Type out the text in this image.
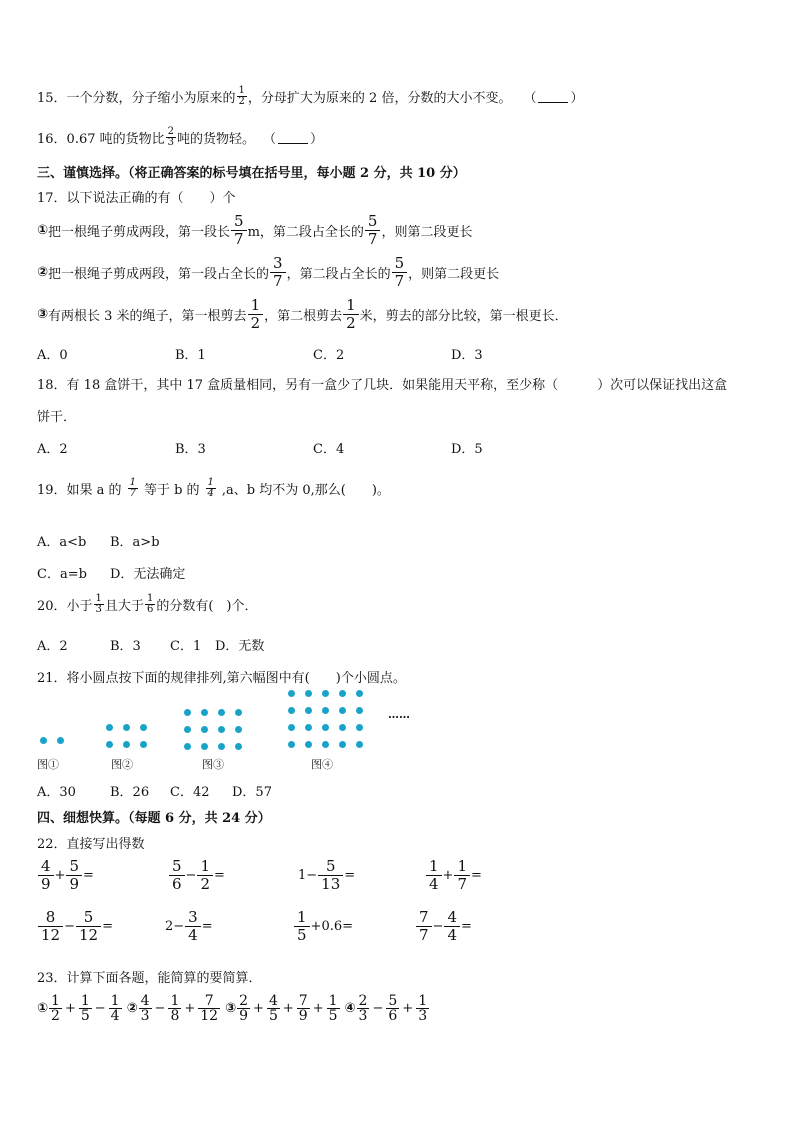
15．一个分数，分子缩小为原来的 $\frac{1}{2}$ ，分母扩大为原来的 2 倍，分数的大小不变。 （	）
16．0.67 吨的货物比 $\frac{2}{3}$ 吨的货物轻。 （	）
三、谨慎选择。（将正确答案的标号填在括号里，每小题 2 分，共 10 分）
17．以下说法正确的有（　　）个
① 把一根绳子剪成两段，第一段长 $\frac{5}{7}$ m，第二段占全长的 $\frac{5}{7}$ ，则第二段更长
② 把一根绳子剪成两段，第一段占全长的 $\frac{3}{7}$ ，第二段占全长的 $\frac{5}{7}$ ，则第二段更长
③ 有两根长 3 米的绳子，第一根剪去 $\frac{1}{2}$ ，第二根剪去 $\frac{1}{2}$ 米，剪去的部分比较，第一根更长．
A．0	B．1	C．2	D．3
18．有 18 盒饼干，其中 17 盒质量相同，另有一盒少了几块．如果能用天平称，至少称（　　　）次可以保证找出这盒
饼干．
A．2	B．3	C．4	D．5
19．如果 a 的 $\frac{1}{7}$ 等于 b 的 $\frac{1}{4} ,a$、b 均不为 0,那么(　　)。
A．a<b B．a>b
C．a=b D．无法确定
20．小于 $\frac{1}{3}$ 且大于 $\frac{1}{6}$ 的分数有(　)个．
A．2	B．3 C．1 D．无数
21．将小圆点按下面的规律排列,第六幅图中有(　　)个小圆点。
……
图①	图②	图③	图④
A．30	B．26 C．42 D．57
四、细想快算。（每题 6 分，共 24 分）
22．直接写出得数
$\frac{4}{9} + \frac{5}{9}$ =	$\frac{5}{6} - \frac{1}{2}$ =	$1- \frac{5}{13}$ =	$\frac{1}{4} + \frac{1}{7}$ =
$\frac{8}{12} - \frac{5}{12}$ =	$2- \frac{3}{4}$ =	$\frac{1}{5} +0.6=$	$\frac{7}{7} - \frac{4}{4}$ =
23．计算下面各题，能简算的要简算．
① $\frac{1}{2} + \frac{1}{5} - \frac{1}{4}$ ② $\frac{4}{3} - \frac{1}{8} + \frac{7}{12}$ ③ $\frac{2}{9} + \frac{4}{5} + \frac{7}{9} + \frac{1}{5}$ ④ $\frac{2}{3} - \frac{5}{6} + \frac{1}{3}$
